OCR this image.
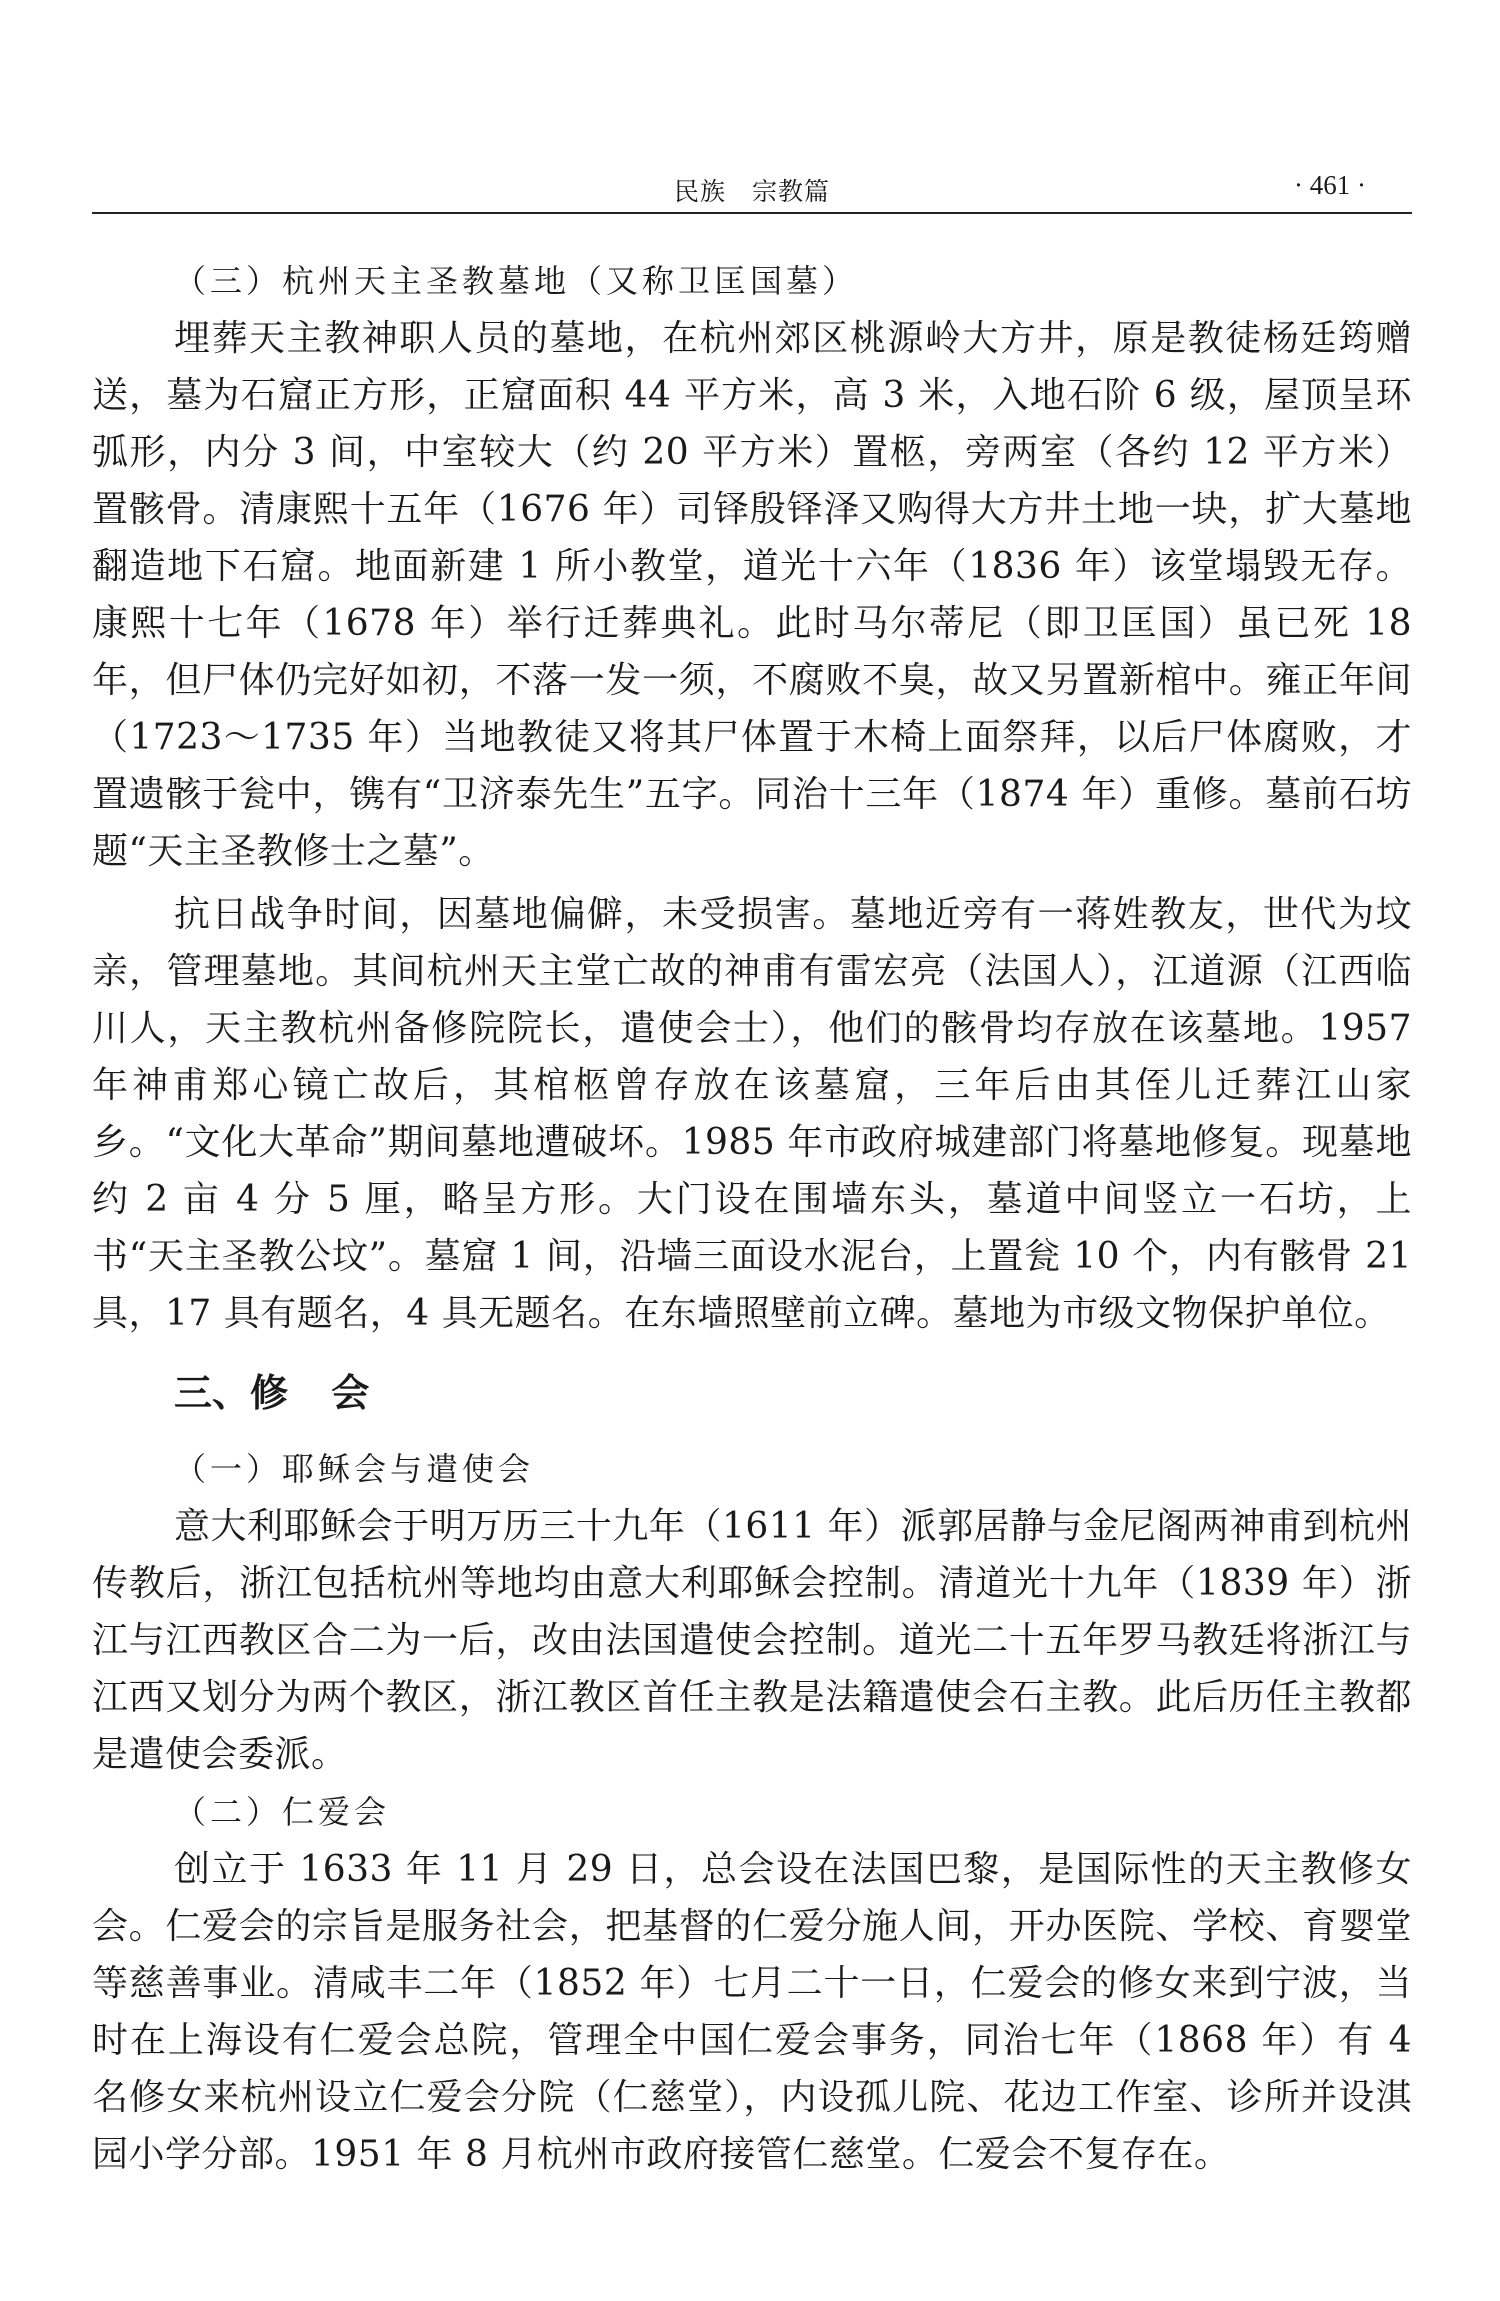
民族　宗教篇	· 461 ·
（三）杭州天主圣教墓地（又称卫匡国墓）

埋葬天主教神职人员的墓地，在杭州郊区桃源岭大方井，原是教徒杨廷筠赠送，墓为石窟正方形，正窟面积 44 平方米，高 3 米，入地石阶 6 级，屋顶呈环弧形，内分 3 间，中室较大（约 20 平方米）置柩，旁两室（各约 12 平方米）置骸骨。清康熙十五年（1676 年）司铎殷铎泽又购得大方井土地一块，扩大墓地翻造地下石窟。地面新建 1 所小教堂，道光十六年（1836 年）该堂塌毁无存。康熙十七年（1678 年）举行迁葬典礼。此时马尔蒂尼（即卫匡国）虽已死 18 年，但尸体仍完好如初，不落一发一须，不腐败不臭，故又另置新棺中。雍正年间（1723～1735 年）当地教徒又将其尸体置于木椅上面祭拜，以后尸体腐败，才置遗骸于瓮中，镌有“卫济泰先生”五字。同治十三年（1874 年）重修。墓前石坊题“天主圣教修士之墓”。

抗日战争时间，因墓地偏僻，未受损害。墓地近旁有一蒋姓教友，世代为坟亲，管理墓地。其间杭州天主堂亡故的神甫有雷宏亮（法国人），江道源（江西临川人，天主教杭州备修院院长，遣使会士），他们的骸骨均存放在该墓地。1957 年神甫郑心镜亡故后，其棺柩曾存放在该墓窟，三年后由其侄儿迁葬江山家乡。“文化大革命”期间墓地遭破坏。1985 年市政府城建部门将墓地修复。现墓地约 2 亩 4 分 5 厘，略呈方形。大门设在围墙东头，墓道中间竖立一石坊，上书“天主圣教公坟”。墓窟 1 间，沿墙三面设水泥台，上置瓮 10 个，内有骸骨 21 具，17 具有题名，4 具无题名。在东墙照壁前立碑。墓地为市级文物保护单位。

三、修 会
（一）耶稣会与遣使会

意大利耶稣会于明万历三十九年（1611 年）派郭居静与金尼阁两神甫到杭州传教后，浙江包括杭州等地均由意大利耶稣会控制。清道光十九年（1839 年）浙江与江西教区合二为一后，改由法国遣使会控制。道光二十五年罗马教廷将浙江与江西又划分为两个教区，浙江教区首任主教是法籍遣使会石主教。此后历任主教都是遣使会委派。

（二）仁爱会

创立于 1633 年 11 月 29 日，总会设在法国巴黎，是国际性的天主教修女会。仁爱会的宗旨是服务社会，把基督的仁爱分施人间，开办医院、学校、育婴堂等慈善事业。清咸丰二年（1852 年）七月二十一日，仁爱会的修女来到宁波，当时在上海设有仁爱会总院，管理全中国仁爱会事务，同治七年（1868 年）有 4 名修女来杭州设立仁爱会分院（仁慈堂），内设孤儿院、花边工作室、诊所并设淇园小学分部。1951 年 8 月杭州市政府接管仁慈堂。仁爱会不复存在。
